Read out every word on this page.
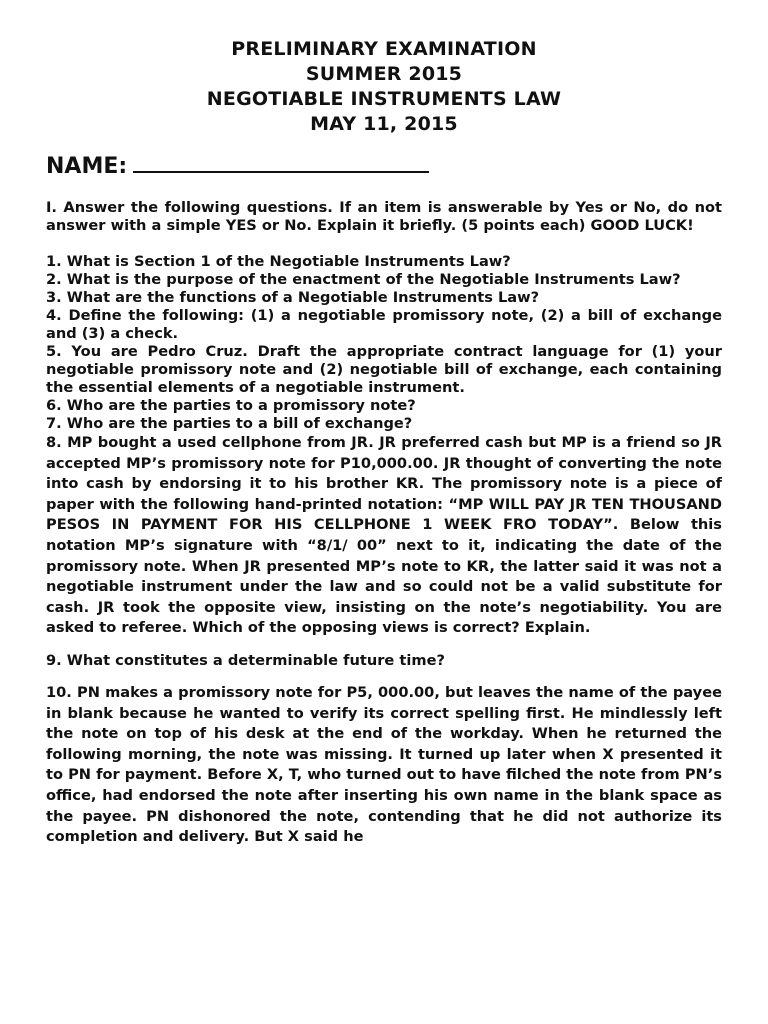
PRELIMINARY EXAMINATION
SUMMER 2015
NEGOTIABLE INSTRUMENTS LAW
MAY 11, 2015
NAME:

I. Answer the following questions. If an item is answerable by Yes or No, do not answer with a simple YES or No. Explain it briefly. (5 points each) GOOD LUCK!

1. What is Section 1 of the Negotiable Instruments Law?

2. What is the purpose of the enactment of the Negotiable Instruments Law?

3. What are the functions of a Negotiable Instruments Law?

4. Define the following: (1) a negotiable promissory note, (2) a bill of exchange and (3) a check.

5. You are Pedro Cruz. Draft the appropriate contract language for (1) your negotiable promissory note and (2) negotiable bill of exchange, each containing the essential elements of a negotiable instrument.

6. Who are the parties to a promissory note?

7. Who are the parties to a bill of exchange?

8. MP bought a used cellphone from JR. JR preferred cash but MP is a friend so JR accepted MP’s promissory note for P10,000.00. JR thought of converting the note into cash by endorsing it to his brother KR. The promissory note is a piece of paper with the following hand-printed notation: “MP WILL PAY JR TEN THOUSAND PESOS IN PAYMENT FOR HIS CELLPHONE 1 WEEK FRO TODAY”. Below this notation MP’s signature with “8/1/ 00” next to it, indicating the date of the promissory note. When JR presented MP’s note to KR, the latter said it was not a negotiable instrument under the law and so could not be a valid substitute for cash. JR took the opposite view, insisting on the note’s negotiability. You are asked to referee. Which of the opposing views is correct? Explain.

9. What constitutes a determinable future time?

10. PN makes a promissory note for P5, 000.00, but leaves the name of the payee in blank because he wanted to verify its correct spelling first. He mindlessly left the note on top of his desk at the end of the workday. When he returned the following morning, the note was missing. It turned up later when X presented it to PN for payment. Before X, T, who turned out to have filched the note from PN’s office, had endorsed the note after inserting his own name in the blank space as the payee. PN dishonored the note, contending that he did not authorize its completion and delivery. But X said he
